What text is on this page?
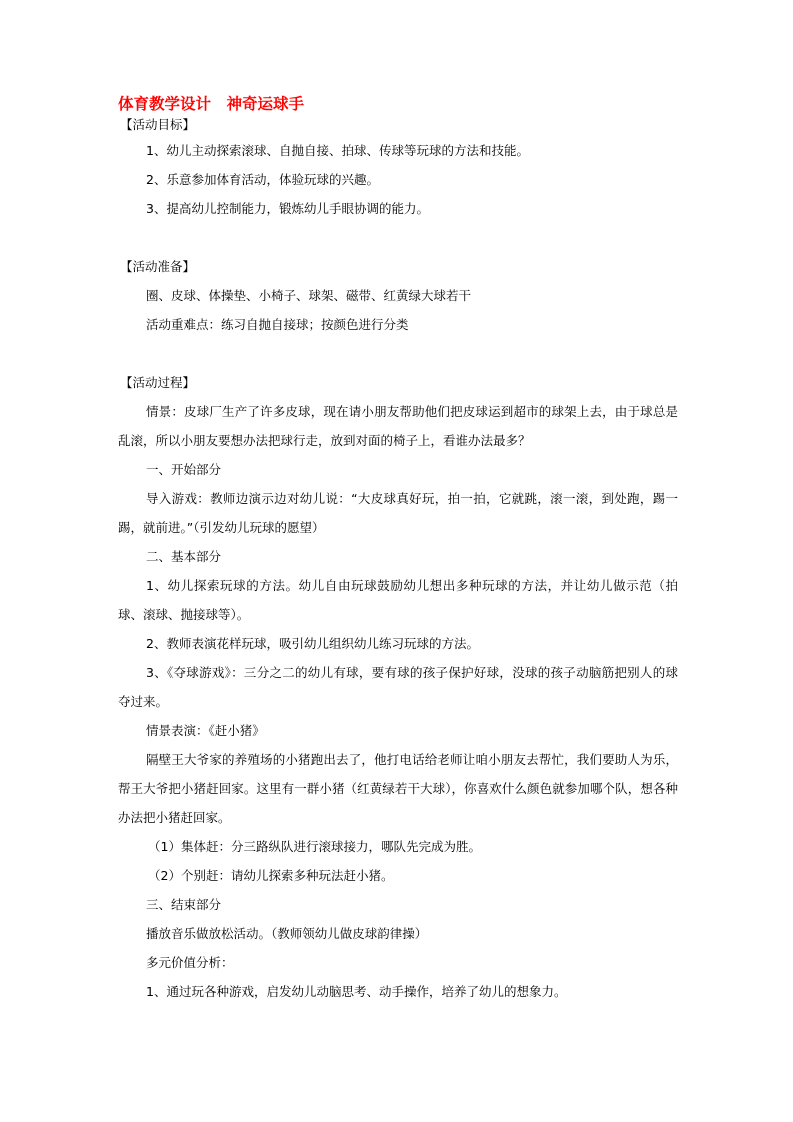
体育教学设计　神奇运球手
【活动目标】
1、幼儿主动探索滚球、自抛自接、拍球、传球等玩球的方法和技能。
2、乐意参加体育活动，体验玩球的兴趣。
3、提高幼儿控制能力，锻炼幼儿手眼协调的能力。
【活动准备】
圈、皮球、体操垫、小椅子、球架、磁带、红黄绿大球若干
活动重难点：练习自抛自接球；按颜色进行分类
【活动过程】
情景：皮球厂生产了许多皮球，现在请小朋友帮助他们把皮球运到超市的球架上去，由于球总是乱滚，所以小朋友要想办法把球行走，放到对面的椅子上，看谁办法最多？
一、开始部分
导入游戏：教师边演示边对幼儿说：“大皮球真好玩，拍一拍，它就跳，滚一滚，到处跑，踢一踢，就前进。”（引发幼儿玩球的愿望）
二、基本部分
1、幼儿探索玩球的方法。幼儿自由玩球鼓励幼儿想出多种玩球的方法，并让幼儿做示范（拍球、滚球、抛接球等）。
2、教师表演花样玩球，吸引幼儿组织幼儿练习玩球的方法。
3、《夺球游戏》：三分之二的幼儿有球，要有球的孩子保护好球，没球的孩子动脑筋把别人的球夺过来。
情景表演：《赶小猪》
隔壁王大爷家的养殖场的小猪跑出去了，他打电话给老师让咱小朋友去帮忙，我们要助人为乐，帮王大爷把小猪赶回家。这里有一群小猪（红黄绿若干大球），你喜欢什么颜色就参加哪个队，想各种办法把小猪赶回家。
（1）集体赶：分三路纵队进行滚球接力，哪队先完成为胜。
（2）个别赶：请幼儿探索多种玩法赶小猪。
三、结束部分
播放音乐做放松活动。（教师领幼儿做皮球韵律操）
多元价值分析：
1、通过玩各种游戏，启发幼儿动脑思考、动手操作，培养了幼儿的想象力。
